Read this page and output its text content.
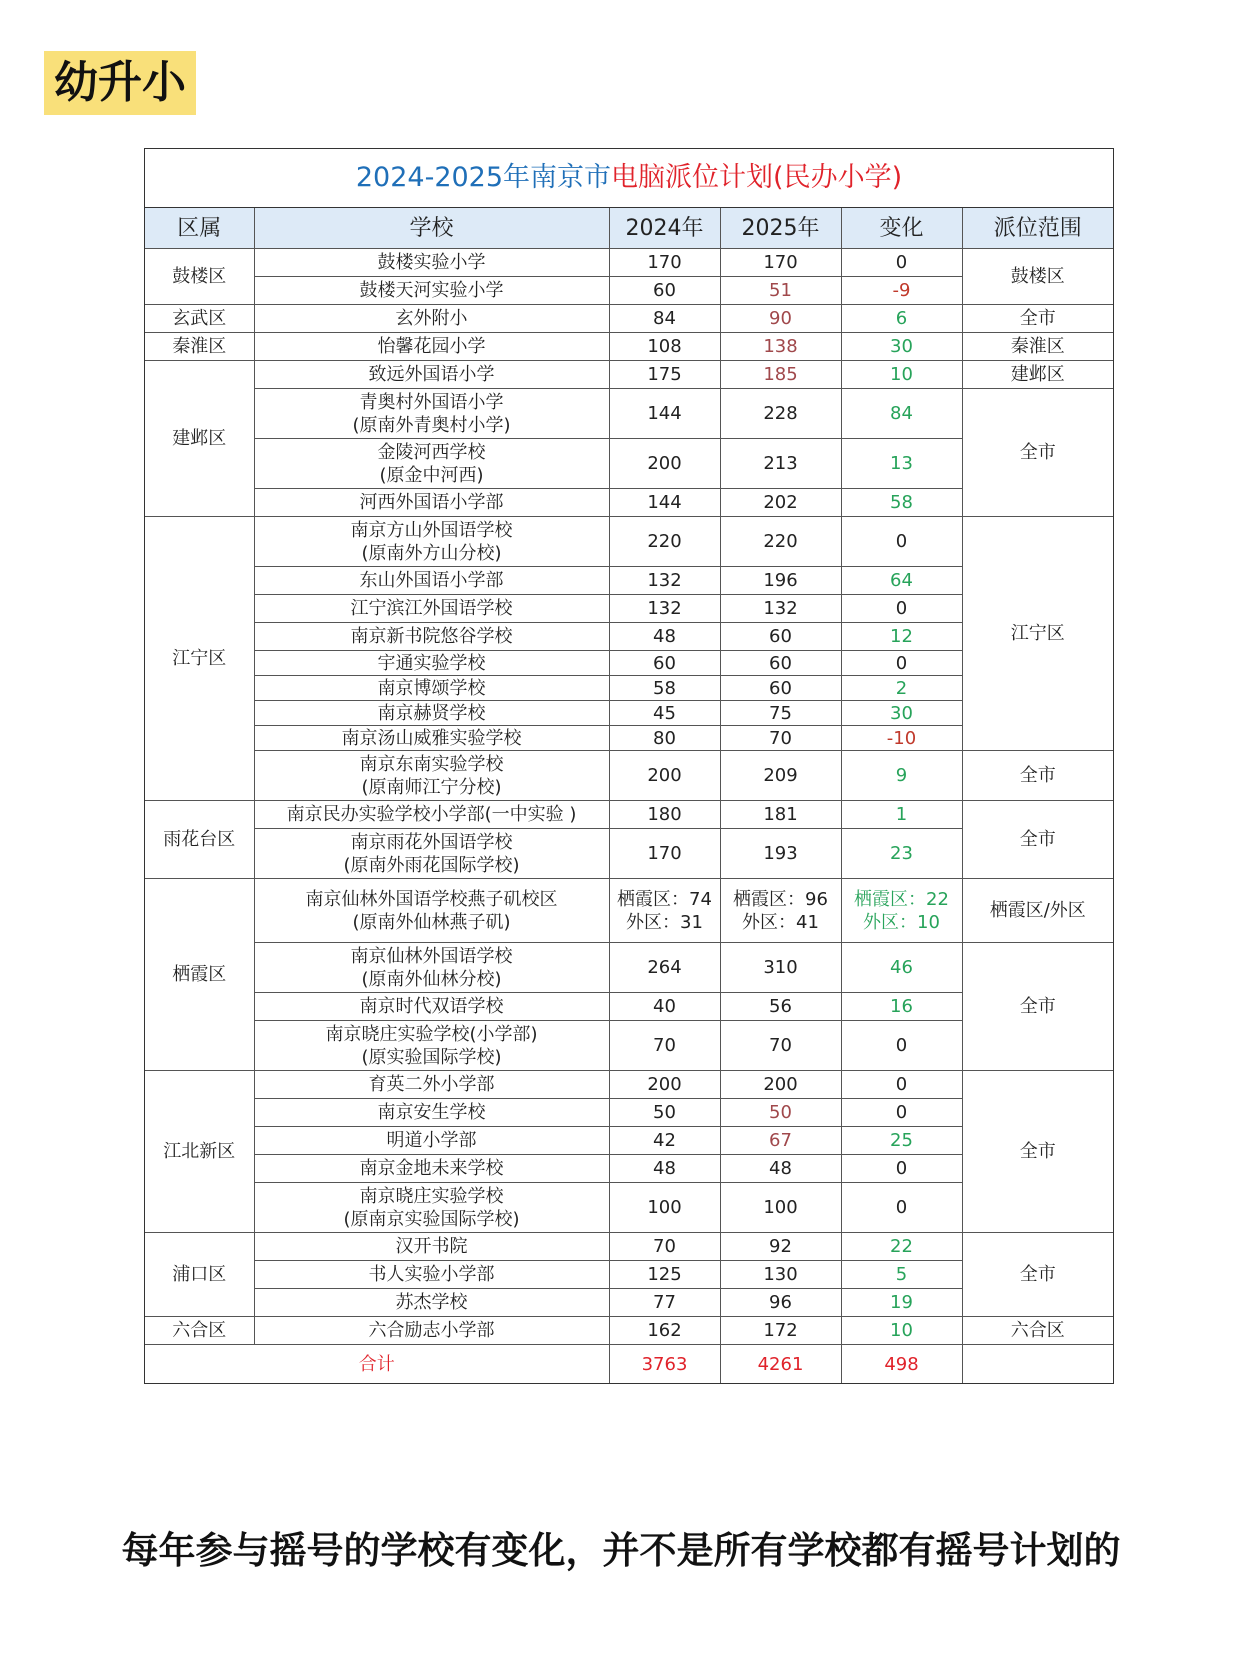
幼升小
2024-2025年南京市电脑派位计划(民办小学)
区属	学校	2024年	2025年	变化	派位范围
鼓楼区	鼓楼实验小学	170	170	0	鼓楼区
	鼓楼天河实验小学	60	51	-9	
玄武区	玄外附小	84	90	6	全市
秦淮区	怡馨花园小学	108	138	30	秦淮区
建邺区	致远外国语小学	175	185	10	建邺区
	青奥村外国语小学
(原南外青奥村小学)	144	228	84	全市
	金陵河西学校
(原金中河西)	200	213	13	
	河西外国语小学部	144	202	58	
江宁区	南京方山外国语学校
(原南外方山分校)	220	220	0	江宁区
	东山外国语小学部	132	196	64	
	江宁滨江外国语学校	132	132	0	
	南京新书院悠谷学校	48	60	12	
	宇通实验学校	60	60	0	
	南京博颂学校	58	60	2	
	南京赫贤学校	45	75	30	
	南京汤山威雅实验学校	80	70	-10	
	南京东南实验学校
(原南师江宁分校)	200	209	9	全市
雨花台区	南京民办实验学校小学部(一中实验 )	180	181	1	全市
	南京雨花外国语学校
(原南外雨花国际学校)	170	193	23	
栖霞区	南京仙林外国语学校燕子矶校区
(原南外仙林燕子矶)	栖霞区：74
外区：31	栖霞区：96
外区：41	栖霞区：22
外区：10	栖霞区/外区
	南京仙林外国语学校
(原南外仙林分校)	264	310	46	全市
	南京时代双语学校	40	56	16	
	南京晓庄实验学校(小学部)
(原实验国际学校)	70	70	0	
江北新区	育英二外小学部	200	200	0	全市
	南京安生学校	50	50	0	
	明道小学部	42	67	25	
	南京金地未来学校	48	48	0	
	南京晓庄实验学校
(原南京实验国际学校)	100	100	0	
浦口区	汉开书院	70	92	22	全市
	书人实验小学部	125	130	5	
	苏杰学校	77	96	19	
六合区	六合励志小学部	162	172	10	六合区
合计		3763	4261	498	
每年参与摇号的学校有变化，并不是所有学校都有摇号计划的
